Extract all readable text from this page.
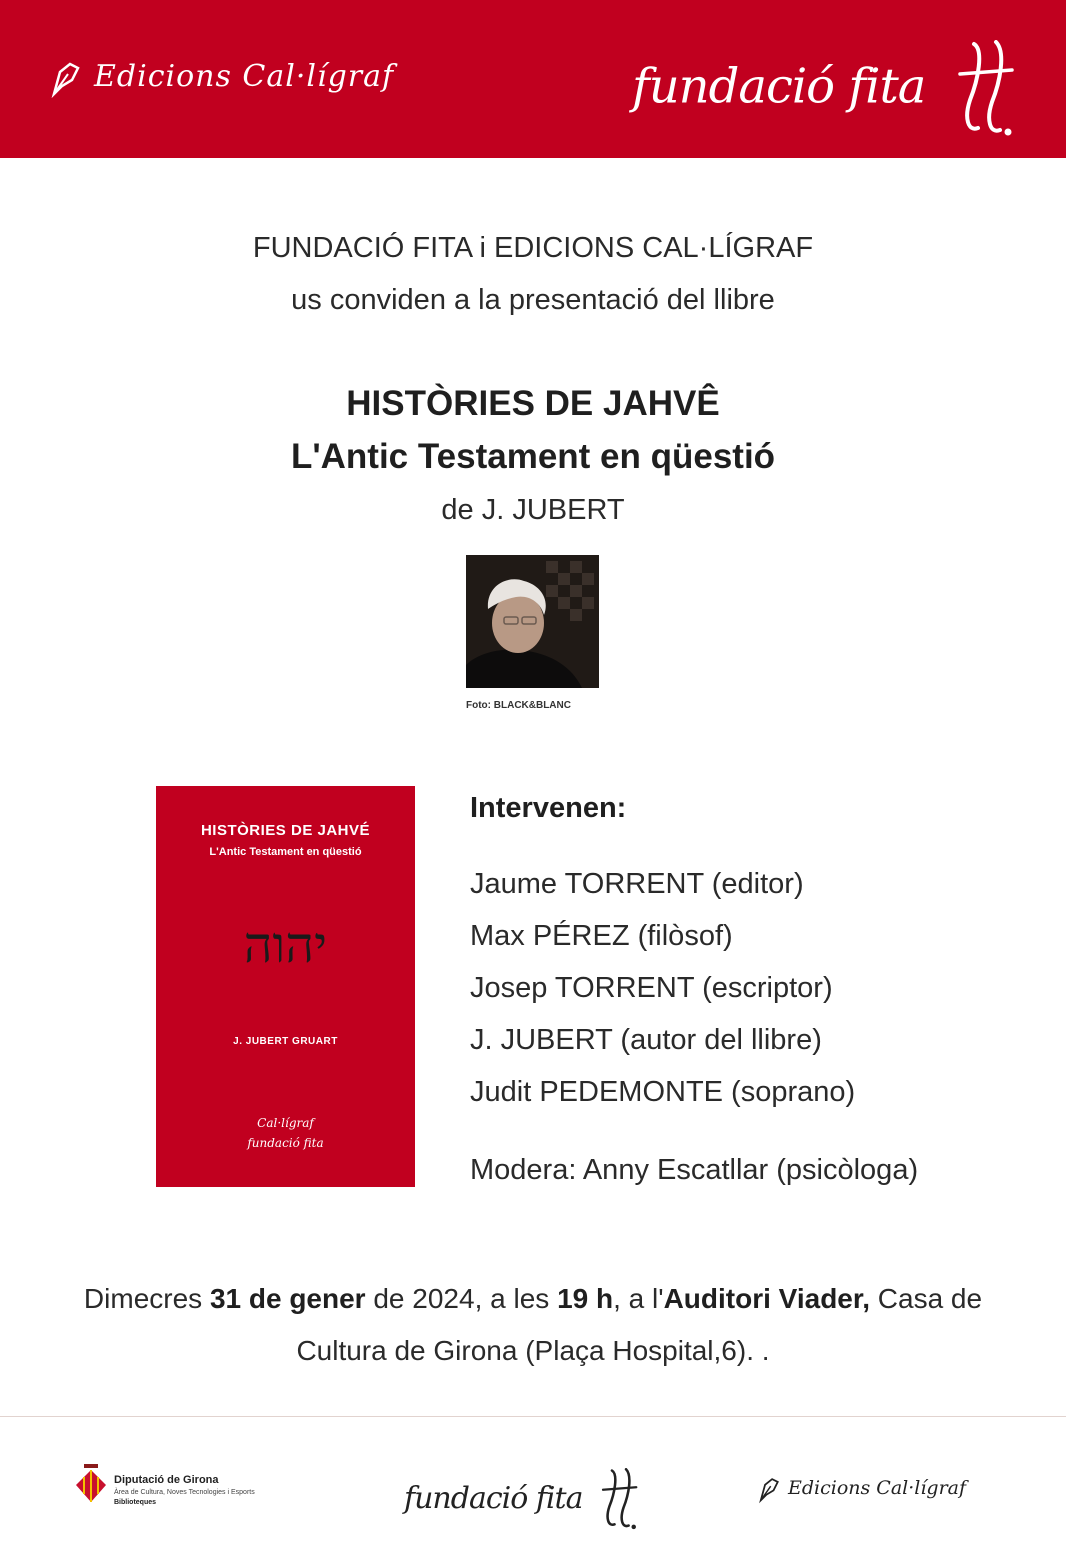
Edicions Cal·lígraf	fundació fita
FUNDACIÓ FITA i EDICIONS CAL·LÍGRAF
us conviden a la presentació del llibre
HISTÒRIES DE JAHVÊ
L'Antic Testament en qüestió
de J. JUBERT
Foto: BLACK&BLANC
HISTÒRIES DE JAHVÉ
L'Antic Testament en qüestió
יהוה
J. JUBERT GRUART
Cal·lígraf
fundació fita
Intervenen:
Jaume TORRENT (editor)
Max PÉREZ (filòsof)
Josep TORRENT (escriptor)
J. JUBERT (autor del llibre)
Judit PEDEMONTE (soprano)
Modera: Anny Escatllar (psicòloga)
Dimecres 31 de gener de 2024, a les 19 h, a l'Auditori Viader, Casa de
Cultura de Girona (Plaça Hospital,6). .
Diputació de Girona
Àrea de Cultura, Noves Tecnologies i Esports
Biblioteques	fundació fita	Edicions Cal·lígraf
